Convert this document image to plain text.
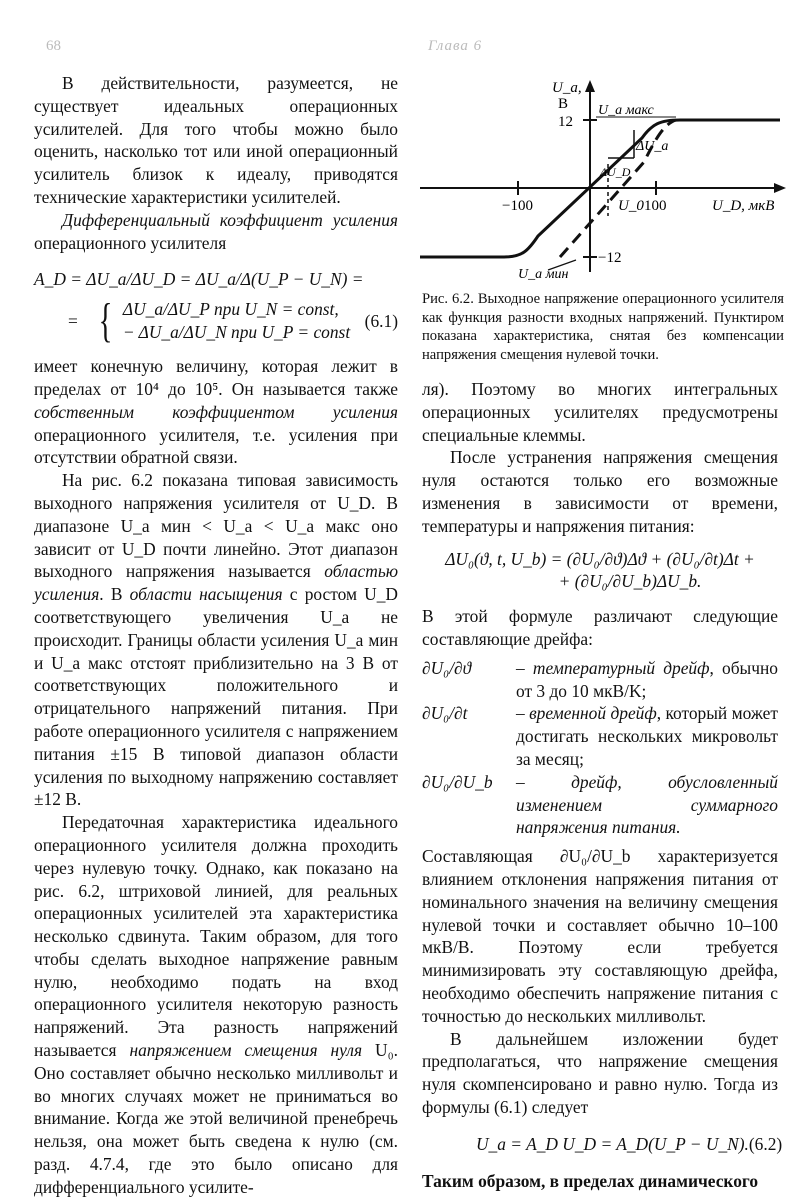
68	Глава 6

В действительности, разумеется, не существует идеальных операционных усилителей. Для того чтобы можно было оценить, насколько тот или иной операционный усилитель близок к идеалу, приводятся технические характеристики усилителей.

Дифференциальный коэффициент усиления операционного усилителя

A_D = ΔU_a/ΔU_D = ΔU_a/Δ(U_P − U_N) =
= { ΔU_a/ΔU_P при U_N = const,
− ΔU_a/ΔU_N при U_P = const
(6.1)

имеет конечную величину, которая лежит в пределах от 10⁴ до 10⁵. Он называется также собственным коэффициентом усиления операционного усилителя, т.е. усиления при отсутствии обратной связи.

На рис. 6.2 показана типовая зависимость выходного напряжения усилителя от U_D. В диапазоне U_a мин < U_a < U_a макс оно зависит от U_D почти линейно. Этот диапазон выходного напряжения называется областью усиления. В области насыщения с ростом U_D соответствующего увеличения U_a не происходит. Границы области усиления U_a мин и U_a макс отстоят приблизительно на 3 В от соответствующих положительного и отрицательного напряжений питания. При работе операционного усилителя с напряжением питания ±15 В типовой диапазон области усиления по выходному напряжению составляет ±12 В.

Передаточная характеристика идеального операционного усилителя должна проходить через нулевую точку. Однако, как показано на рис. 6.2, штриховой линией, для реальных операционных усилителей эта характеристика несколько сдвинута. Таким образом, для того чтобы сделать выходное напряжение равным нулю, необходимо подать на вход операционного усилителя некоторую разность напряжений. Эта разность напряжений называется напряжением смещения нуля U₀. Оно составляет обычно несколько милливольт и во многих случаях может не приниматься во внимание. Когда же этой величиной пренебречь нельзя, она может быть сведена к нулю (см. разд. 4.7.4, где это было описано для дифференциального усилите-

U_a,
В
12
−12
−100	100	U_D, мкВ
U_a макс
U_a мин
ΔU_a
ΔU_D
U_0
Рис. 6.2. Выходное напряжение операционного усилителя как функция разности входных напряжений. Пунктиром показана характеристика, снятая без компенсации напряжения смещения нулевой точки.

ля). Поэтому во многих интегральных операционных усилителях предусмотрены специальные клеммы.

После устранения напряжения смещения нуля остаются только его возможные изменения в зависимости от времени, температуры и напряжения питания:

ΔU₀(ϑ, t, U_b) = (∂U₀/∂ϑ)Δϑ + (∂U₀/∂t)Δt +
+ (∂U₀/∂U_b)ΔU_b.

В этой формуле различают следующие составляющие дрейфа:

∂U₀/∂ϑ	– температурный дрейф, обычно от 3 до 10 мкВ/K;
∂U₀/∂t	– временной дрейф, который может достигать нескольких микровольт за месяц;
∂U₀/∂U_b	– дрейф, обусловленный изменением суммарного напряжения питания.

Составляющая ∂U₀/∂U_b характеризуется влиянием отклонения напряжения питания от номинального значения на величину смещения нулевой точки и составляет обычно 10–100 мкВ/В. Поэтому если требуется минимизировать эту составляющую дрейфа, необходимо обеспечить напряжение питания с точностью до нескольких милливольт.

В дальнейшем изложении будет предполагаться, что напряжение смещения нуля скомпенсировано и равно нулю. Тогда из формулы (6.1) следует

U_a = A_D U_D = A_D(U_P − U_N). (6.2)

Таким образом, в пределах динамического
